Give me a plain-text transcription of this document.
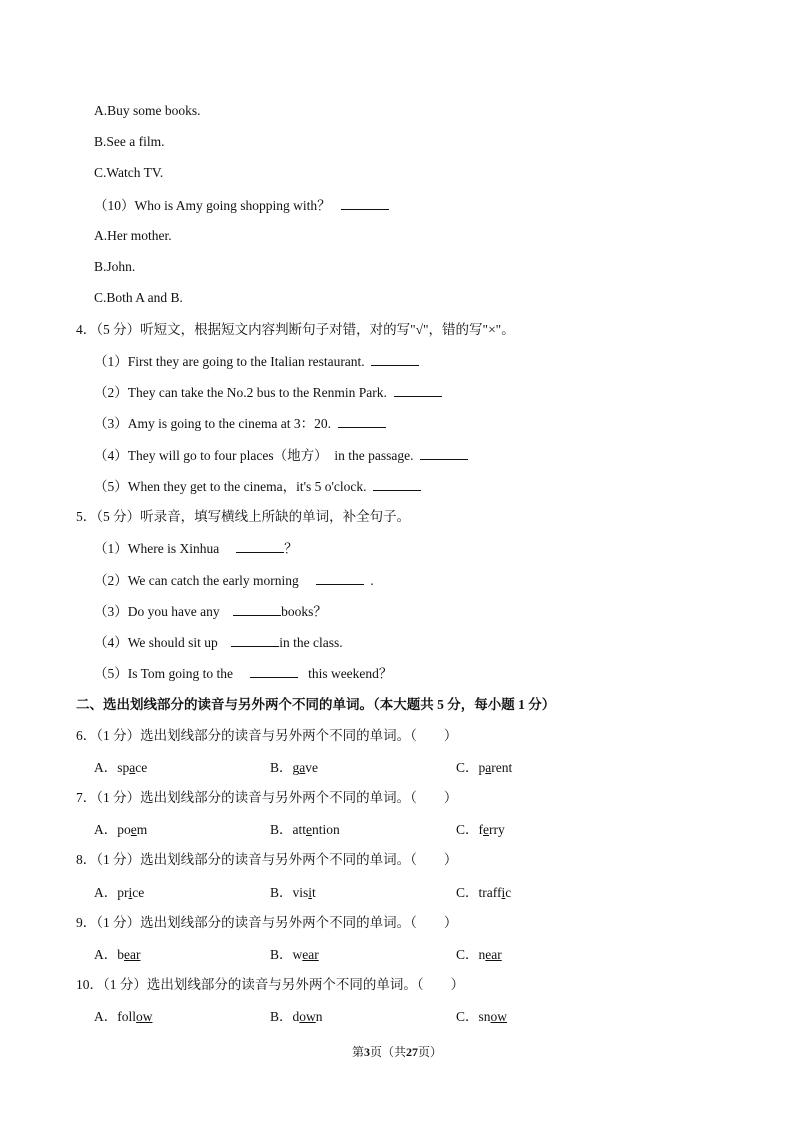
A.Buy some books.
B.See a film.
C.Watch TV.
（10）Who is Amy going shopping with？
A.Her mother.
B.John.
C.Both A and B.
4．（5 分）听短文，根据短文内容判断句子对错，对的写"√"，错的写"×"。
（1）First they are going to the Italian restaurant.
（2）They can take the No.2 bus to the Renmin Park.
（3）Amy is going to the cinema at 3：20.
（4）They will go to four places（地方）  in the passage.
（5）When they get to the cinema，it's 5 o'clock.
5．（5 分）听录音，填写横线上所缺的单词，补全句子。
（1）Where is Xinhua	？
（2）We can catch the early morning	.
（3）Do you have any	books？
（4）We should sit up	in the class.
（5）Is Tom going to the	this weekend？
二、选出划线部分的读音与另外两个不同的单词。（本大题共 5 分，每小题 1 分）
6．（1 分）选出划线部分的读音与另外两个不同的单词。（　　）
A．space	B．gave	C．parent
7．（1 分）选出划线部分的读音与另外两个不同的单词。（　　）
A．poem	B．attention	C．ferry
8．（1 分）选出划线部分的读音与另外两个不同的单词。（　　）
A．price	B．visit	C．traffic
9．（1 分）选出划线部分的读音与另外两个不同的单词。（　　）
A．bear	B．wear	C．near
10．（1 分）选出划线部分的读音与另外两个不同的单词。（　　）
A．follow	B．down	C．snow
第3页（共27页）
